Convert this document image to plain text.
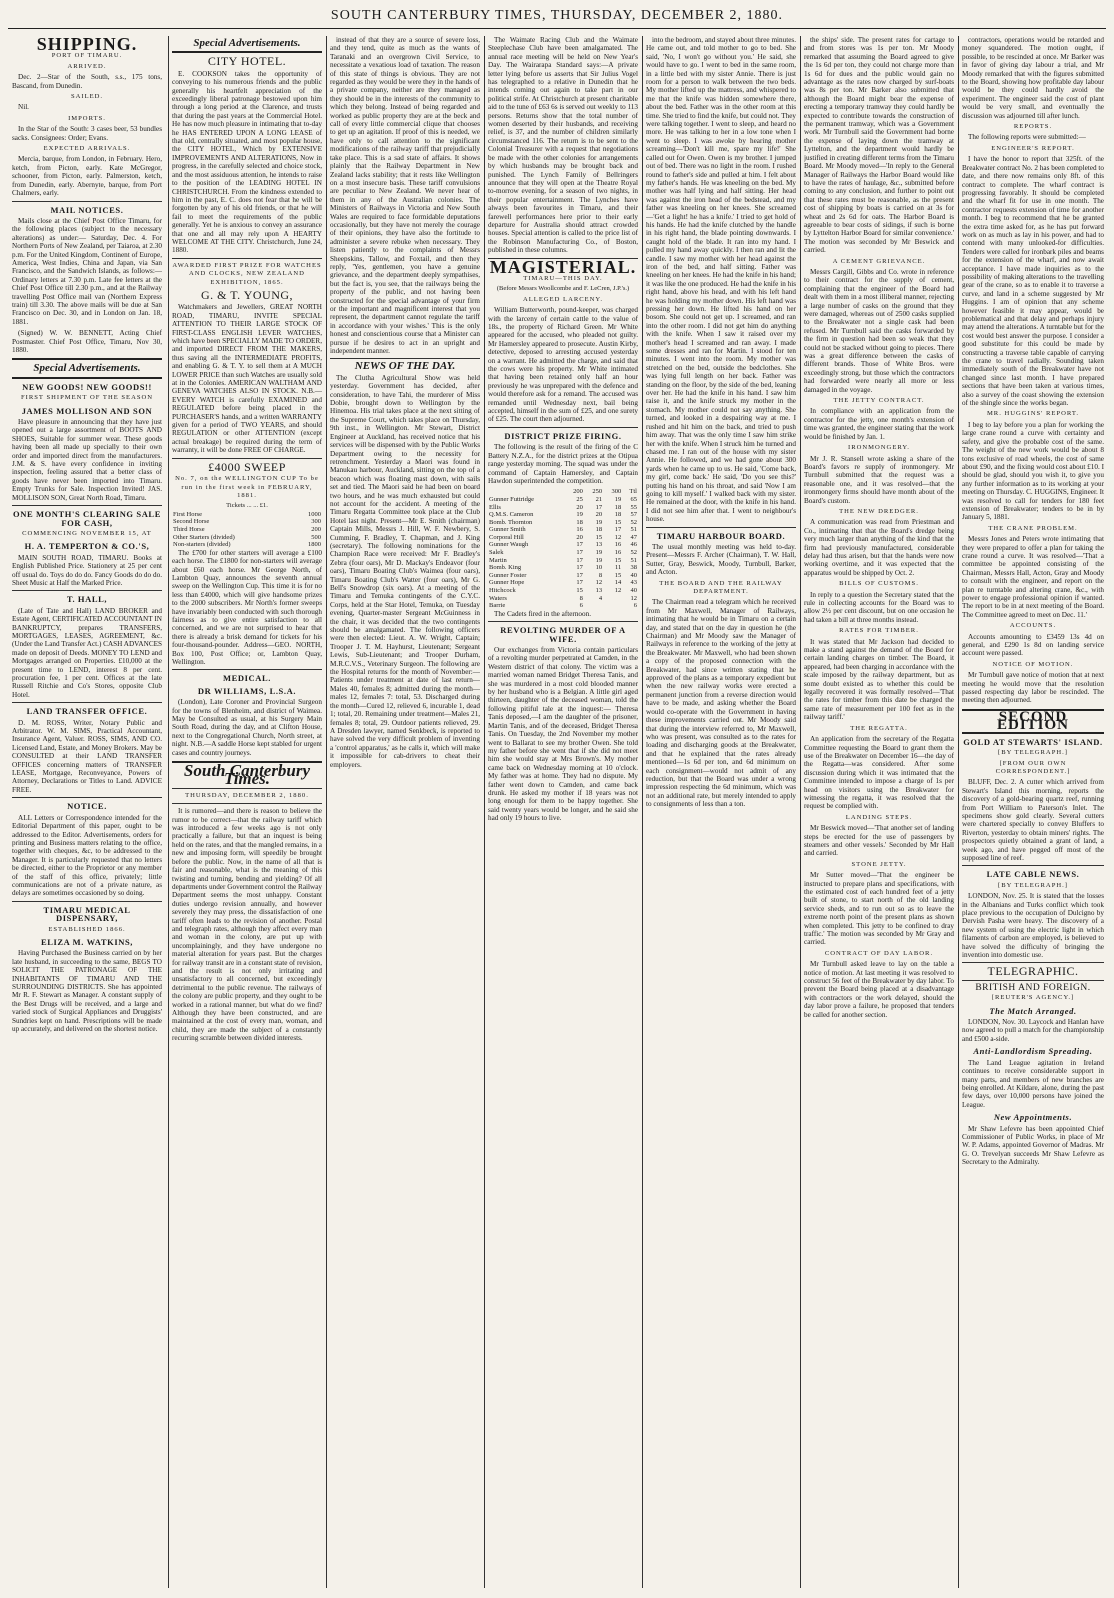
SOUTH CANTERBURY TIMES, THURSDAY, DECEMBER 2, 1880.
SHIPPING.
PORT OF TIMARU.
ARRIVED.

Dec. 2—Star of the South, s.s., 175 tons, Bascand, from Dunedin.

SAILED.

Nil.

IMPORTS.

In the Star of the South: 3 cases beer, 53 bundles sacks. Consignees: Order; Evans.

EXPECTED ARRIVALS.

Mercia, barque, from London, in February. Hero, ketch, from Picton, early. Kate McGregor, schooner, from Picton, early. Palmerston, ketch, from Dunedin, early. Abernyte, barque, from Port Chalmers, early.

MAIL NOTICES.

Mails close at the Chief Post Office Timaru, for the following places (subject to the necessary alterations) as under:— Saturday, Dec. 4. For Northern Ports of New Zealand, per Taiaroa, at 2.30 p.m. For the United Kingdom, Continent of Europe, America, West Indies, China and Japan, via San Francisco, and the Sandwich Islands, as follows:— Ordinary letters at 7.30 p.m. Late fee letters at the Chief Post Office till 2.30 p.m., and at the Railway travelling Post Office mail van (Northern Express train) till 3.30. The above mails will be due at San Francisco on Dec. 30, and in London on Jan. 18, 1881.

(Signed) W. W. BENNETT, Acting Chief Postmaster. Chief Post Office, Timaru, Nov 30, 1880.

Special Advertisements.
NEW GOODS! NEW GOODS!!
FIRST SHIPMENT OF THE SEASON
JAMES MOLLISON AND SON

Have pleasure in announcing that they have just opened out a large assortment of BOOTS AND SHOES, Suitable for summer wear. These goods having been all made up specially to their own order and imported direct from the manufacturers. J.M. & S. have every confidence in inviting inspection, feeling assured that a better class of goods have never been imported into Timaru. Empty Trunks for Sale. Inspection Invited! JAS. MOLLISON SON, Great North Road, Timaru.

ONE MONTH'S CLEARING SALE FOR CASH,
COMMENCING NOVEMBER 15, AT
H. A. TEMPERTON & CO.'S,

MAIN SOUTH ROAD, TIMARU. Books at English Published Price. Stationery at 25 per cent off usual do. Toys do do do. Fancy Goods do do do. Sheet Music at Half the Marked Price.

T. HALL,

(Late of Tate and Hall) LAND BROKER and Estate Agent, CERTIFICATED ACCOUNTANT IN BANKRUPTCY, prepares TRANSFERS, MORTGAGES, LEASES, AGREEMENT, &c. (Under the Land Transfer Act.) CASH ADVANCES made on deposit of Deeds. MONEY TO LEND and Mortgages arranged on Properties. £10,000 at the present time to LEND, interest 8 per cent. procuration fee, 1 per cent. Offices at the late Russell Ritchie and Co's Stores, opposite Club Hotel.

LAND TRANSFER OFFICE.

D. M. ROSS, Writer, Notary Public and Arbitrator. W. M. SIMS, Practical Accountant, Insurance Agent, Valuer. ROSS, SIMS, AND CO. Licensed Land, Estate, and Money Brokers. May be CONSULTED at their LAND TRANSFER OFFICES concerning matters of TRANSFER LEASE, Mortgage, Reconveyance, Powers of Attorney, Declarations or Titles to Land. ADVICE FREE.

NOTICE.

ALL Letters or Correspondence intended for the Editorial Department of this paper, ought to be addressed to the Editor. Advertisements, orders for printing and Business matters relating to the office, together with cheques, &c, to be addressed to the Manager. It is particularly requested that no letters be directed, either to the Proprietor or any member of the staff of this office, privately; little communications are not of a private nature, as delays are sometimes occasioned by so doing.

TIMARU MEDICAL DISPENSARY,
ESTABLISHED 1866.
ELIZA M. WATKINS,

Having Purchased the Business carried on by her late husband, in succeeding to the same, BEGS TO SOLICIT THE PATRONAGE OF THE INHABITANTS OF TIMARU AND THE SURROUNDING DISTRICTS. She has appointed Mr R. F. Stewart as Manager. A constant supply of the Best Drugs will be received, and a large and varied stock of Surgical Appliances and Druggists' Sundries kept on hand. Prescriptions will be made up accurately, and delivered on the shortest notice.

Special Advertisements.
CITY HOTEL.

E. COOKSON takes the opportunity of conveying to his numerous friends and the public generally his heartfelt appreciation of the exceedingly liberal patronage bestowed upon him through a long period at the Clarence, and trusts that during the past years at the Commercial Hotel. He has now much pleasure in intimating that to-day he HAS ENTERED UPON A LONG LEASE of that old, centrally situated, and most popular house, the CITY HOTEL, Which by EXTENSIVE IMPROVEMENTS AND ALTERATIONS, Now in progress, in the carefully selected and choice stock, and the most assiduous attention, he intends to raise to the position of the LEADING HOTEL IN CHRISTCHURCH. From the kindness extended to him in the past, E. C. does not fear that he will be forgotten by any of his old friends, or that he will fail to meet the requirements of the public generally. Yet he is anxious to convey an assurance that one and all may rely upon A HEARTY WELCOME AT THE CITY. Christchurch, June 24, 1880.

AWARDED FIRST PRIZE FOR WATCHES AND CLOCKS, NEW ZEALAND EXHIBITION, 1865.
G. & T. YOUNG,

Watchmakers and Jewellers, GREAT NORTH ROAD, TIMARU, INVITE SPECIAL ATTENTION TO THEIR LARGE STOCK OF FIRST-CLASS ENGLISH LEVER WATCHES, which have been SPECIALLY MADE TO ORDER, and imported DIRECT FROM THE MAKERS, thus saving all the INTERMEDIATE PROFITS, and enabling G. & T. Y. to sell them at A MUCH LOWER PRICE than such Watches are usually sold at in the Colonies. AMERICAN WALTHAM AND GENEVA WATCHES ALSO IN STOCK. N.B.—EVERY WATCH is carefully EXAMINED and REGULATED before being placed in the PURCHASER'S hands, and a written WARRANTY given for a period of TWO YEARS, and should REGULATION or other ATTENTION (except actual breakage) be required during the term of warranty, it will be done FREE OF CHARGE.

£4000 SWEEP
No. 7, on the WELLINGTON CUP To be run in the first week in FEBRUARY, 1881.
Tickets ... ... £1.
First Horse	1000
Second Horse	300
Third Horse	200
Other Starters (divided)	500
Non-starters (divided)	1800

The £700 for other starters will average a £100 each horse. The £1800 for non-starters will average about £60 each horse. Mr George North, of Lambton Quay, announces the seventh annual sweep on the Wellington Cup. This time it is for no less than £4000, which will give handsome prizes to the 2000 subscribers. Mr North's former sweeps have invariably been conducted with such thorough fairness as to give entire satisfaction to all concerned, and we are not surprised to hear that there is already a brisk demand for tickets for his four-thousand-pounder. Address—GEO. NORTH, Box 100, Post Office; or, Lambton Quay, Wellington.

MEDICAL.
DR WILLIAMS, L.S.A.

(London), Late Coroner and Provincial Surgeon for the towns of Blenheim, and district of Waimea. May be Consulted as usual, at his Surgery Main South Road, during the day, and at Clifton House, next to the Congregational Church, North street, at night. N.B.—A saddle Horse kept stabled for urgent cases and country journeys.

South Canterbury Times.
THURSDAY, DECEMBER 2, 1880.

It is rumored—and there is reason to believe the rumor to be correct—that the railway tariff which was introduced a few weeks ago is not only practically a failure, but that an inquest is being held on the rates, and that the mangled remains, in a new and imposing form, will speedily be brought before the public. Now, in the name of all that is fair and reasonable, what is the meaning of this twisting and turning, bending and yielding? Of all departments under Government control the Railway Department seems the most unhappy. Constant duties undergo revision annually, and however severely they may press, the dissatisfaction of one tariff often leads to the revision of another. Postal and telegraph rates, although they affect every man and woman in the colony, are put up with uncomplainingly, and they have undergone no material alteration for years past. But the charges for railway transit are in a constant state of revision, and the result is not only irritating and unsatisfactory to all concerned, but exceedingly detrimental to the public revenue. The railways of the colony are public property, and they ought to be worked in a rational manner, but what do we find? Although they have been constructed, and are maintained at the cost of every man, woman, and child, they are made the subject of a constantly recurring scramble between divided interests.

instead of that they are a source of severe loss, and they tend, quite as much as the wants of Taranaki and an overgrown Civil Service, to necessitate a vexatious load of taxation. The reason of this state of things is obvious. They are not regarded as they would be were they in the hands of a private company, neither are they managed as they should be in the interests of the community to which they belong. Instead of being regarded and worked as public property they are at the beck and call of every little commercial clique that chooses to get up an agitation. If proof of this is needed, we have only to call attention to the significant modifications of the railway tariff that prejudicially take place. This is a sad state of affairs. It shows plainly that the Railway Department in New Zealand lacks stability; that it rests like Wellington on a most insecure basis. These tariff convulsions are peculiar to New Zealand. We never hear of them in any of the Australian colonies. The Ministers of Railways in Victoria and New South Wales are required to face formidable deputations occasionally, but they have not merely the courage of their opinions, they have also the fortitude to administer a severe rebuke when necessary. They listen patiently to the complaints of Messrs Sheepskins, Tallow, and Foxtail, and then they reply, 'Yes, gentlemen, you have a genuine grievance, and the department deeply sympathises, but the fact is, you see, that the railways being the property of the public, and not having been constructed for the special advantage of your firm or the important and magnificent interest that you represent, the department cannot regulate the tariff in accordance with your wishes.' This is the only honest and conscientious course that a Minister can pursue if he desires to act in an upright and independent manner.

NEWS OF THE DAY.

The Clutha Agricultural Show was held yesterday. Government has decided, after consideration, to have Tahi, the murderer of Miss Dobie, brought down to Wellington by the Hinemoa. His trial takes place at the next sitting of the Supreme Court, which takes place on Thursday, 9th inst., in Wellington. Mr Stewart, District Engineer at Auckland, has received notice that his services will be dispensed with by the Public Works Department owing to the necessity for retrenchment. Yesterday a Maori was found in Manukau harbour, Auckland, sitting on the top of a beacon which was floating mast down, with sails set and tied. The Maori said he had been on board two hours, and he was much exhausted but could not account for the accident. A meeting of the Timaru Regatta Committee took place at the Club Hotel last night. Present—Mr E. Smith (chairman) Captain Mills, Messrs J. Hill, W. F. Newbery, S. Cumming, F. Bradley, T. Chapman, and J. King (secretary). The following nominations for the Champion Race were received: Mr F. Bradley's Zebra (four oars), Mr D. Mackay's Endeavor (four oars), Timaru Boating Club's Waimea (four oars), Timaru Boating Club's Watter (four oars), Mr G. Bell's Snowdrop (six oars). At a meeting of the Timaru and Temuka contingents of the C.Y.C. Corps, held at the Star Hotel, Temuka, on Tuesday evening, Quarter-master Sergeant McGuinness in the chair, it was decided that the two contingents should be amalgamated. The following officers were then elected: Lieut. A. W. Wright, Captain; Trooper J. T. M. Hayhurst, Lieutenant; Sergeant Lewis, Sub-Lieutenant; and Trooper Durham, M.R.C.V.S., Veterinary Surgeon. The following are the Hospital returns for the month of November:—Patients under treatment at date of last return—Males 40, females 8; admitted during the month—males 12, females 7: total, 53. Discharged during the month—Cured 12, relieved 6, incurable 1, dead 1; total, 20. Remaining under treatment—Males 21, females 8; total, 29. Outdoor patients relieved, 29. A Dresden lawyer, named Senkbeck, is reported to have solved the very difficult problem of inventing a 'control apparatus,' as he calls it, which will make it impossible for cab-drivers to cheat their employers.

The Waimate Racing Club and the Waimate Steeplechase Club have been amalgamated. The annual race meeting will be held on New Year's Day. The Wairarapa Standard says:—A private letter lying before us asserts that Sir Julius Vogel has telegraphed to a relative in Dunedin that he intends coming out again to take part in our political strife. At Christchurch at present charitable aid to the tune of £63 6s is served out weekly to 113 persons. Returns show that the total number of women deserted by their husbands, and receiving relief, is 37, and the number of children similarly circumstanced 116. The return is to be sent to the Colonial Treasurer with a request that negotiations be made with the other colonies for arrangements by which husbands may be brought back and punished. The Lynch Family of Bellringers announce that they will open at the Theatre Royal to-morrow evening, for a season of two nights, in their popular entertainment. The Lynches have always been favourites in Timaru, and their farewell performances here prior to their early departure for Australia should attract crowded houses. Special attention is called to the price list of the Robinson Manufacturing Co., of Boston, published in these columns.

MAGISTERIAL.
TIMARU—THIS DAY.
(Before Messrs Woollcombe and F. LeCren, J.P.'s.)
ALLEGED LARCENY.

William Butterworth, pound-keeper, was charged with the larceny of certain cattle to the value of 18s., the property of Richard Green. Mr White appeared for the accused, who pleaded not guilty. Mr Hamersley appeared to prosecute. Austin Kirby, detective, deposed to arresting accused yesterday on a warrant. He admitted the charge, and said that the cows were his property. Mr White intimated that having been retained only half an hour previously he was unprepared with the defence and would therefore ask for a remand. The accused was remanded until Wednesday next, bail being accepted, himself in the sum of £25, and one surety of £25. The court then adjourned.

DISTRICT PRIZE FIRING.

The following is the result of the firing of the C Battery N.Z.A., for the district prizes at the Otipua range yesterday morning. The squad was under the command of Captain Hamersley, and Captain Hawdon superintended the competition.

	200	250	300	Ttl
Gunner Futtridge	25	21	19	65
Ellis	20	17	18	55
Q.M.S. Cameron	19	20	18	57
Bomb. Thornton	18	19	15	52
Gunner Smith	16	18	17	51
Corporal Hill	20	15	12	47
Gunner Waugh	17	13	16	46
Salek	17	19	16	52
Martin	17	19	15	51
Bomb. King	17	10	11	38
Gunner Foster	17	8	15	40
Gunner Hope	17	12	14	43
Hitchcock	15	13	12	40
Waters	8	4		12
Barrie	6			6

The Cadets fired in the afternoon.

REVOLTING MURDER OF A WIFE.

Our exchanges from Victoria contain particulars of a revolting murder perpetrated at Camden, in the Western district of that colony. The victim was a married woman named Bridget Theresa Tanis, and she was murdered in a most cold blooded manner by her husband who is a Belgian. A little girl aged thirteen, daughter of the deceased woman, told the following pitiful tale at the inquest:— Theresa Tanis deposed,—I am the daughter of the prisoner, Martin Tanis, and of the deceased, Bridget Theresa Tanis. On Tuesday, the 2nd November my mother went to Ballarat to see my brother Owen. She told my father before she went that if she did not meet him she would stay at Mrs Brown's. My mother came back on Wednesday morning at 10 o'clock. My father was at home. They had no dispute. My father went down to Camden, and came back drunk. He asked my mother if 18 years was not long enough for them to be happy together. She said twenty years would be longer, and he said she had only 19 hours to live.

into the bedroom, and stayed about three minutes. He came out, and told mother to go to bed. She said, 'No, I won't go without you.' He said, she would have to go. I went to bed in the same room, in a little bed with my sister Annie. There is just room for a person to walk between the two beds. My mother lifted up the mattress, and whispered to me that the knife was hidden somewhere there, about the bed. Father was in the other room at this time. She tried to find the knife, but could not. They were talking together. I went to sleep, and heard no more. He was talking to her in a low tone when I went to sleep. I was awoke by hearing mother screaming—'Don't kill me, spare my life!' She called out for Owen. Owen is my brother. I jumped out of bed. There was no light in the room. I rushed round to father's side and pulled at him. I felt about my father's hands. He was kneeling on the bed. My mother was half lying and half sitting. Her head was against the iron head of the bedstead, and my father was kneeling on her knees. She screamed—'Get a light! he has a knife.' I tried to get hold of his hands. He had the knife clutched by the handle in his right hand, the blade pointing downwards. I caught hold of the blade. It ran into my hand. I pulled my hand away quickly. I then ran and lit the candle. I saw my mother with her head against the iron of the bed, and half sitting. Father was kneeling on her knees. He had the knife in his hand; it was like the one produced. He had the knife in his right hand, above his head, and with his left hand he was holding my mother down. His left hand was pressing her down. He lifted his hand on her bosom. She could not get up. I screamed, and ran into the other room. I did not get him do anything with the knife. When I saw it raised over my mother's head I screamed and ran away. I made some dresses and ran for Martin. I stood for ten minutes. I went into the room. My mother was stretched on the bed, outside the bedclothes. She was lying full length on her back. Father was standing on the floor, by the side of the bed, leaning over her. He had the knife in his hand. I saw him raise it, and the knife struck my mother in the stomach. My mother could not say anything. She turned, and looked in a despairing way at me. I rushed and hit him on the back, and tried to push him away. That was the only time I saw him strike her with the knife. When I struck him he turned and chased me. I ran out of the house with my sister Annie. He followed, and we had gone about 300 yards when he came up to us. He said, 'Come back, my girl, come back.' He said, 'Do you see this?' putting his hand on his throat, and said 'Now I am going to kill myself.' I walked back with my sister. He remained at the door, with the knife in his hand. I did not see him after that. I went to neighbour's house.

TIMARU HARBOUR BOARD.

The usual monthly meeting was held to-day. Present—Messrs F. Archer (Chairman), T. W. Hall, Sutter, Gray, Beswick, Moody, Turnbull, Barker, and Acton.

THE BOARD AND THE RAILWAY DEPARTMENT.

The Chairman read a telegram which he received from Mr Maxwell, Manager of Railways, intimating that he would be in Timaru on a certain day, and stated that on the day in question he (the Chairman) and Mr Moody saw the Manager of Railways in reference to the working of the jetty at the Breakwater. Mr Maxwell, who had been shown a copy of the proposed connection with the Breakwater, had since written stating that he approved of the plans as a temporary expedient but when the new railway works were erected a permanent junction from a reverse direction would have to be made, and asking whether the Board would co-operate with the Government in having these improvements carried out. Mr Moody said that during the interview referred to, Mr Maxwell, who was present, was consulted as to the rates for loading and discharging goods at the Breakwater, and that he explained that the rates already mentioned—1s 6d per ton, and 6d minimum on each consignment—would not admit of any reduction, but that the Board was under a wrong impression respecting the 6d minimum, which was not an additional rate, but merely intended to apply to consignments of less than a ton.

the ships' side. The present rates for cartage to and from stores was 1s per ton. Mr Moody remarked that assuming the Board agreed to give the 1s 6d per ton, they could not charge more than 1s 6d for dues and the public would gain no advantage as the rates now charged by surf-boats was 8s per ton. Mr Barker also submitted that although the Board might bear the expense of erecting a temporary tramway they could hardly be expected to contribute towards the construction of the permanent tramway, which was a Government work. Mr Turnbull said the Government had borne the expense of laying down the tramway at Lyttelton, and the department would hardly be justified in creating different terms from the Timaru Board. Mr Moody moved—'In reply to the General Manager of Railways the Harbor Board would like to have the rates of haulage, &c., submitted before coming to any conclusion, and further to point out that these rates must be reasonable, as the present cost of shipping by boats is carried on at 3s for wheat and 2s 6d for oats. The Harbor Board is agreeable to bear costs of sidings, if such is borne by Lyttelton Harbor Board for similar convenience.' The motion was seconded by Mr Beswick and carried.

A CEMENT GRIEVANCE.

Messrs Cargill, Gibbs and Co. wrote in reference to their contract for the supply of cement, complaining that the engineer of the Board had dealt with them in a most illiberal manner, rejecting a large number of casks on the ground that they were damaged, whereas out of 2500 casks supplied to the Breakwater not a single cask had been refused. Mr Turnbull said the casks forwarded by the firm in question had been so weak that they could not be stacked without going to pieces. There was a great difference between the casks of different brands. Those of White Bros. were exceedingly strong, but those which the contractors had forwarded were nearly all more or less damaged in the voyage.

THE JETTY CONTRACT.

In compliance with an application from the contractor for the jetty, one month's extension of time was granted, the engineer stating that the work would be finished by Jan. 1.

IRONMONGERY.

Mr J. R. Stansell wrote asking a share of the Board's favors re supply of ironmongery. Mr Turnbull submitted that the request was a reasonable one, and it was resolved—that the ironmongery firms should have month about of the Board's custom.

THE NEW DREDGER.

A communication was read from Priestman and Co., intimating that that the Board's dredge being very much larger than anything of the kind that the firm had previously manufactured, considerable delay had thus arisen, but that the hands were now working overtime, and it was expected that the apparatus would be shipped by Oct. 2.

BILLS OF CUSTOMS.

In reply to a question the Secretary stated that the rule in collecting accounts for the Board was to allow 2½ per cent discount, but on one occasion he had taken a bill at three months instead.

RATES FOR TIMBER.

It was stated that Mr Jackson had decided to make a stand against the demand of the Board for certain landing charges on timber. The Board, it appeared, had been charging in accordance with the scale imposed by the railway department, but as some doubt existed as to whether this could be legally recovered it was formally resolved—'That the rates for timber from this date be charged the same rate of measurement per 100 feet as in the railway tariff.'

THE REGATTA.

An application from the secretary of the Regatta Committee requesting the Board to grant them the use of the Breakwater on December 16—the day of the Regatta—was considered. After some discussion during which it was intimated that the Committee intended to impose a charge of 1s per head on visitors using the Breakwater for witnessing the regatta, it was resolved that the request be complied with.

LANDING STEPS.

Mr Beswick moved—'That another set of landing steps be erected for the use of passengers by steamers and other vessels.' Seconded by Mr Hall and carried.

STONE JETTY.

Mr Sutter moved—'That the engineer be instructed to prepare plans and specifications, with the estimated cost of each hundred feet of a jetty built of stone, to start north of the old landing service sheds, and to run out so as to leave the extreme north point of the present plans as shown when completed. This jetty to be confined to dray traffic.' The motion was seconded by Mr Gray and carried.

CONTRACT OF DAY LABOR.

Mr Turnbull asked leave to lay on the table a notice of motion. At last meeting it was resolved to construct 56 feet of the Breakwater by day labor. To prevent the Board being placed at a disadvantage with contractors or the work delayed, should the day labor prove a failure, he proposed that tenders be called for another section.

contractors, operations would be retarded and money squandered. The motion ought, if possible, to be rescinded at once. Mr Barker was in favor of giving day labour a trial, and Mr Moody remarked that with the figures submitted to the Board, showing how profitable day labour would be they could hardly avoid the experiment. The engineer said the cost of plant would be very small, and eventually the discussion was adjourned till after lunch.

REPORTS.

The following reports were submitted:—

ENGINEER'S REPORT.

I have the honor to report that 325ft. of the Breakwater contract No. 2 has been completed to date, and there now remains only 8ft. of this contract to complete. The wharf contract is progressing favorably. It should be completed and the wharf fit for use in one month. The contractor requests extension of time for another month. I beg to recommend that he be granted the extra time asked for, as he has put forward work on as much as lay in his power, and had to contend with many unlooked-for difficulties. Tenders were called for ironbark piles and beams for the extension of the wharf, and now await acceptance. I have made inquiries as to the possibility of making alterations to the travelling gear of the crane, so as to enable it to traverse a curve, and land in a scheme suggested by Mr Huggins. I am of opinion that any scheme however feasible it may appear, would be problematical and that delay and perhaps injury may attend the alterations. A turntable but for the cost would best answer the purpose. I consider a good substitute for this could be made by constructing a traverse table capable of carrying the crane to travel radially. Sounding taken immediately south of the Breakwater have not changed since last month. I have prepared sections that have been taken at various times, also a survey of the coast showing the extension of the shingle since the works began.

MR. HUGGINS' REPORT.

I beg to lay before you a plan for working the large crane round a curve with certainty and safety, and give the probable cost of the same. The weight of the new work would be about 8 tons exclusive of road wheels, the cost of same about £90, and the fixing would cost about £10. I should be glad, should you wish it, to give you any further information as to its working at your meeting on Thursday. C. HUGGINS, Engineer. It was resolved to call for tenders for 180 feet extension of Breakwater; tenders to be in by January 5, 1881.

THE CRANE PROBLEM.

Messrs Jones and Peters wrote intimating that they were prepared to offer a plan for taking the crane round a curve. It was resolved—'That a committee be appointed consisting of the Chairman, Messrs Hall, Acton, Gray and Moody to consult with the engineer, and report on the plan re turntable and altering crane, &c., with power to engage professional opinion if wanted. The report to be in at next meeting of the Board. The Committee agreed to meet on Dec. 11.'

ACCOUNTS.

Accounts amounting to £3459 13s 4d on general, and £290 1s 8d on landing service account were passed.

NOTICE OF MOTION.

Mr Turnbull gave notice of motion that at next meeting he would move that the resolution passed respecting day labor be rescinded. The meeting then adjourned.

SECOND EDITION
GOLD AT STEWARTS' ISLAND.
[BY TELEGRAPH.]
[FROM OUR OWN CORRESPONDENT.]

BLUFF, Dec. 2. A cutter which arrived from Stewart's Island this morning, reports the discovery of a gold-bearing quartz reef, running from Port William to Paterson's Inlet. The specimens show gold clearly. Several cutters were chartered specially to convey Bluffers to Riverton, yesterday to obtain miners' rights. The prospectors quietly obtained a grant of land, a week ago, and have pegged off most of the supposed line of reef.

LATE CABLE NEWS.
[BY TELEGRAPH.]

LONDON, Nov. 25. It is stated that the losses in the Albanians and Turks conflict which took place previous to the occupation of Dulcigno by Dervish Pasha were heavy. The discovery of a new system of using the electric light in which filaments of carbon are employed, is believed to have solved the difficulty of bringing the invention into domestic use.

TELEGRAPHIC.
BRITISH AND FOREIGN.
[REUTER'S AGENCY.]
The Match Arranged.

LONDON, Nov. 30. Laycock and Hanlan have now agreed to pull a match for the championship and £500 a-side.

Anti-Landlordism Spreading.

The Land League agitation in Ireland continues to receive considerable support in many parts, and members of new branches are being enrolled. At Kildare, alone, during the past few days, over 10,000 persons have joined the League.

New Appointments.

Mr Shaw Lefevre has been appointed Chief Commissioner of Public Works, in place of Mr W. P. Adams, appointed Governor of Madras. Mr G. O. Trevelyan succeeds Mr Shaw Lefevre as Secretary to the Admiralty.
